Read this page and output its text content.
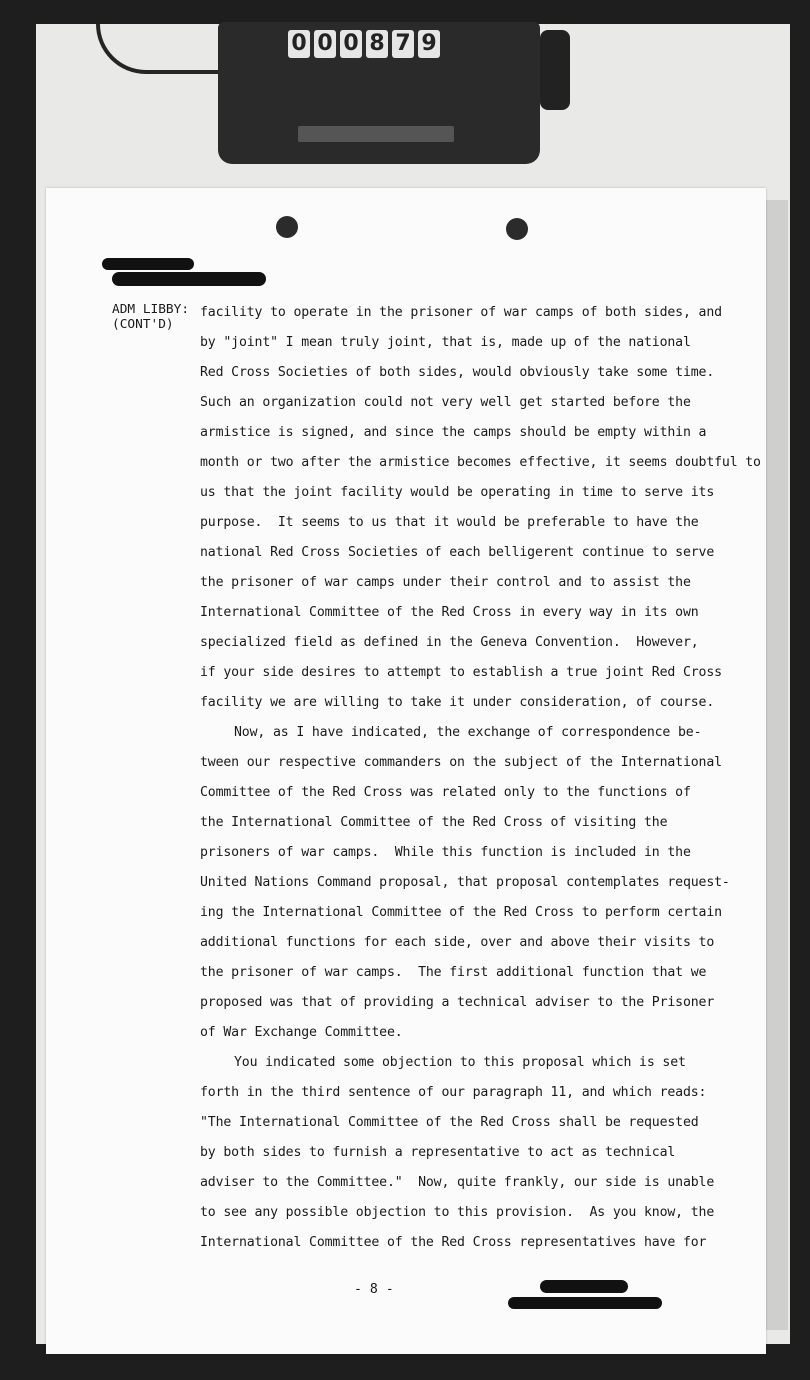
0 0 0 8 7 9
ADM LIBBY:
(CONT'D)
facility to operate in the prisoner of war camps of both sides, and
by "joint" I mean truly joint, that is, made up of the national
Red Cross Societies of both sides, would obviously take some time.
Such an organization could not very well get started before the
armistice is signed, and since the camps should be empty within a
month or two after the armistice becomes effective, it seems doubtful to
us that the joint facility would be operating in time to serve its
purpose.  It seems to us that it would be preferable to have the
national Red Cross Societies of each belligerent continue to serve
the prisoner of war camps under their control and to assist the
International Committee of the Red Cross in every way in its own
specialized field as defined in the Geneva Convention.  However,
if your side desires to attempt to establish a true joint Red Cross
facility we are willing to take it under consideration, of course.
Now, as I have indicated, the exchange of correspondence be-
tween our respective commanders on the subject of the International
Committee of the Red Cross was related only to the functions of
the International Committee of the Red Cross of visiting the
prisoners of war camps.  While this function is included in the
United Nations Command proposal, that proposal contemplates request-
ing the International Committee of the Red Cross to perform certain
additional functions for each side, over and above their visits to
the prisoner of war camps.  The first additional function that we
proposed was that of providing a technical adviser to the Prisoner
of War Exchange Committee.
You indicated some objection to this proposal which is set
forth in the third sentence of our paragraph 11, and which reads:
"The International Committee of the Red Cross shall be requested
by both sides to furnish a representative to act as technical
adviser to the Committee."  Now, quite frankly, our side is unable
to see any possible objection to this provision.  As you know, the
International Committee of the Red Cross representatives have for
- 8 -
